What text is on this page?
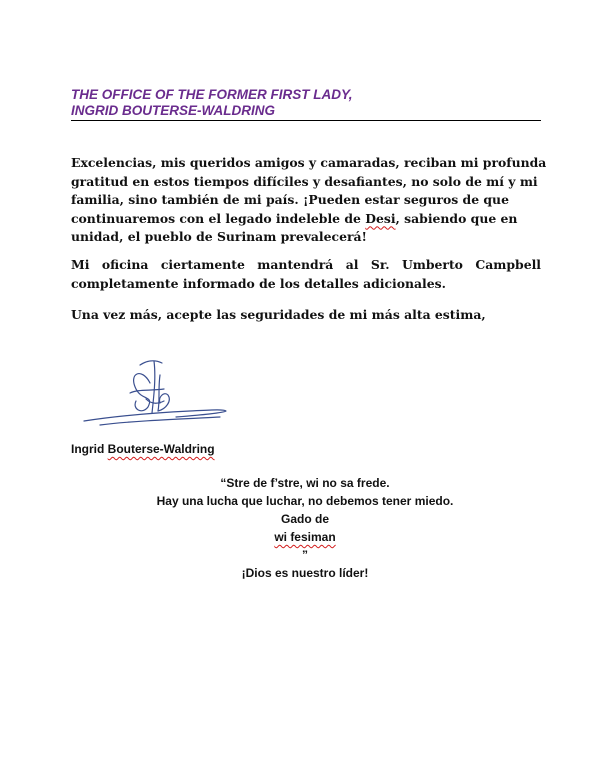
THE OFFICE OF THE FORMER FIRST LADY,
INGRID BOUTERSE-WALDRING
Excelencias, mis queridos amigos y camaradas, reciban mi profunda
gratitud en estos tiempos difíciles y desafiantes, no solo de mí y mi
familia, sino también de mi país. ¡Pueden estar seguros de que
continuaremos con el legado indeleble de Desi, sabiendo que en
unidad, el pueblo de Surinam prevalecerá!
Mi oficina ciertamente mantendrá al Sr. Umberto Campbell completamente informado de los detalles adicionales.
Una vez más, acepte las seguridades de mi más alta estima,
Ingrid Bouterse-Waldring
“Stre de f’stre, wi no sa frede.
Hay una lucha que luchar, no debemos tener miedo.
Gado de
wi fesiman
”
¡Dios es nuestro líder!
